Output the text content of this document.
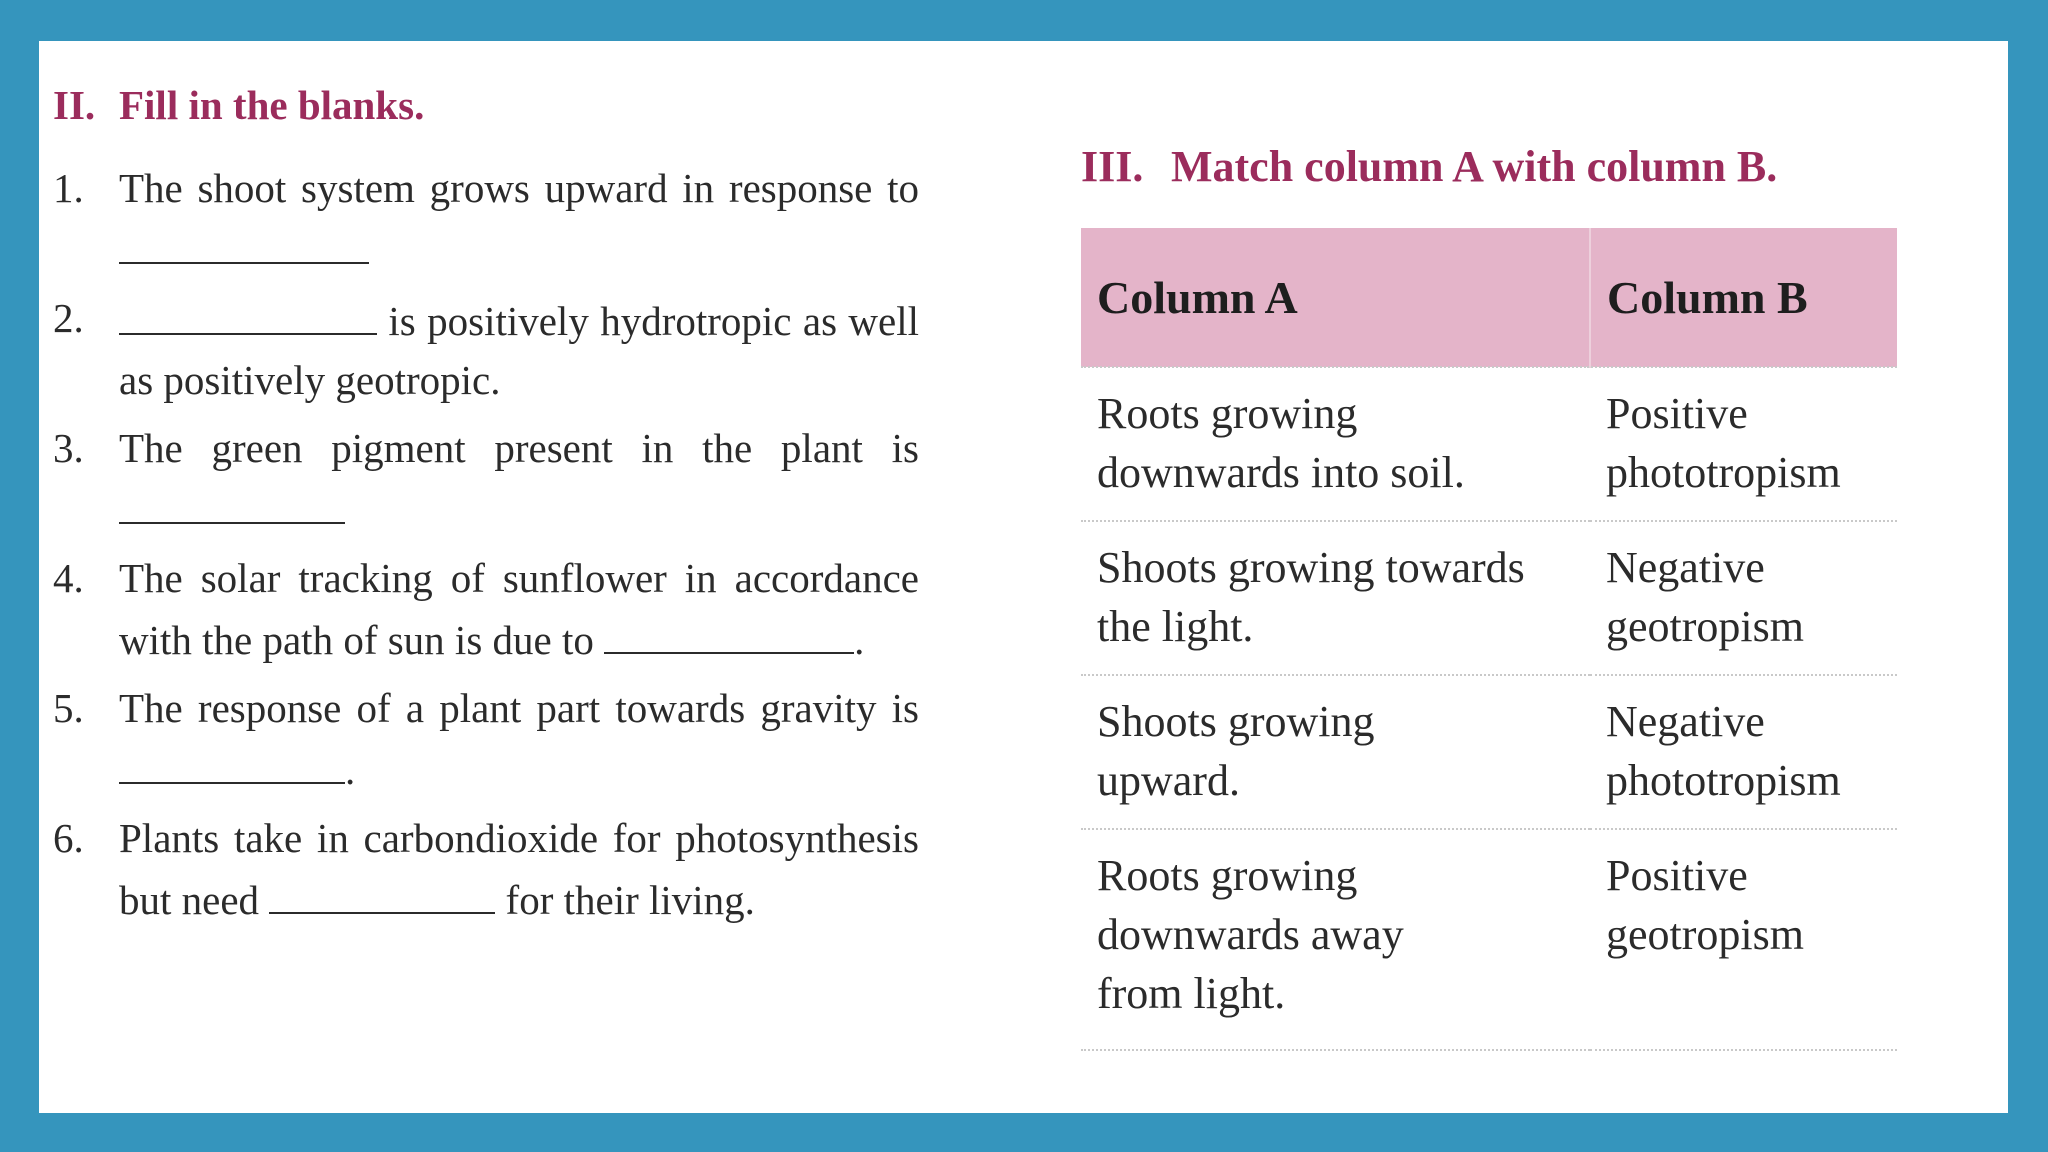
II. Fill in the blanks.
1. The shoot system grows upward in response to
2.	is positively hydrotropic as well as positively geotropic.
3. The green pigment present in the plant is
4. The solar tracking of sunflower in accordance with the path of sun is due to	.
5. The response of a plant part towards gravity is .
6. Plants take in carbondioxide for photosynthesis but need	for their living.
III. Match column A with column B.
Column A	Column B
Roots growing downwards into soil.	Positive phototropism
Shoots growing towards the light.	Negative geotropism
Shoots growing upward.	Negative phototropism
Roots growing downwards away from light.	Positive geotropism
